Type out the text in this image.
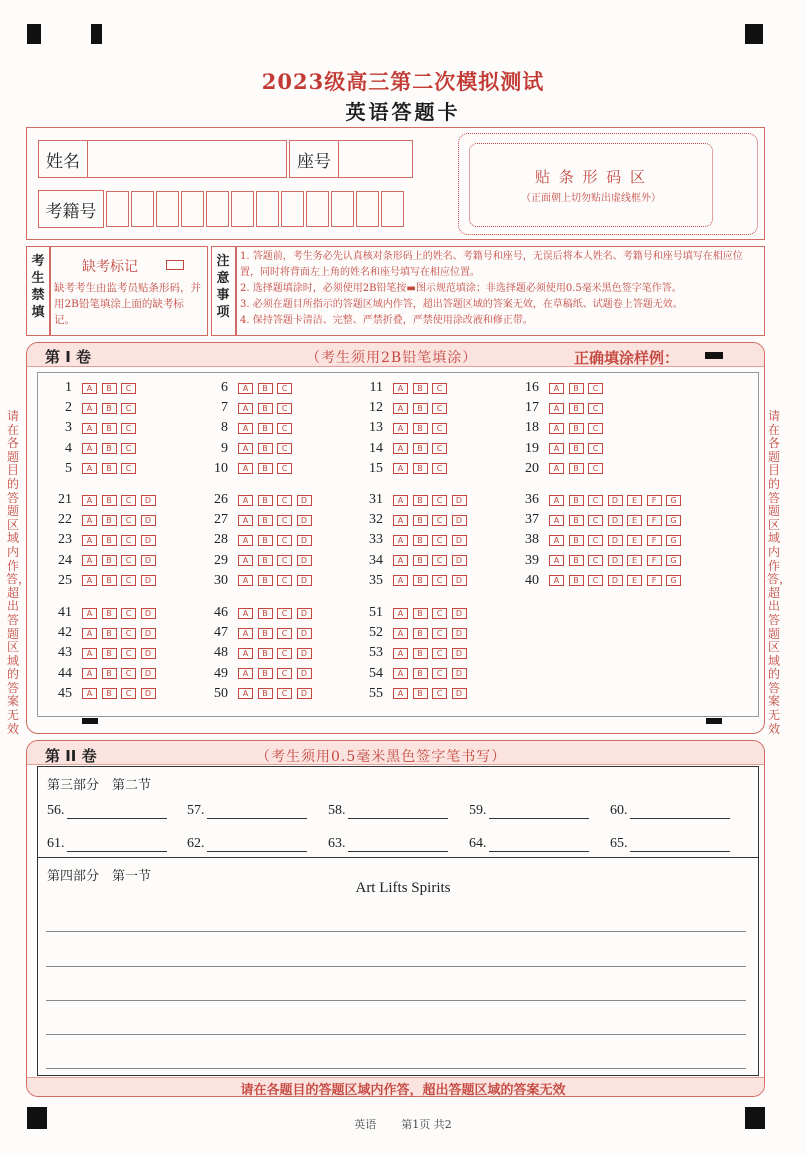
2023级高三第二次模拟测试
英语答题卡
姓名	座号
考籍号
贴 条 形 码 区
（正面朝上切勿贴出虚线框外）
考生禁填
缺考标记
缺考考生由监考员贴条形码，并用2B铅笔填涂上面的缺考标记。
注意事项
1. 答题前，考生务必先认真核对条形码上的姓名、考籍号和座号，无误后将本人姓名、考籍号和座号填写在相应位置，同时将背面左上角的姓名和座号填写在相应位置。
2. 选择题填涂时，必须使用2B铅笔按▬图示规范填涂；非选择题必须使用0.5毫米黑色签字笔作答。
3. 必须在题目所指示的答题区域内作答，超出答题区域的答案无效，在草稿纸、试题卷上答题无效。
4. 保持答题卡清洁、完整、严禁折叠，严禁使用涂改液和修正带。
第 I 卷	（考生须用2B铅笔填涂）	正确填涂样例：
1	A	B	C
2	A	B	C
3	A	B	C
4	A	B	C
5	A	B	C
6	A	B	C
7	A	B	C
8	A	B	C
9	A	B	C
10	A	B	C
11	A	B	C
12	A	B	C
13	A	B	C
14	A	B	C
15	A	B	C
16	A	B	C
17	A	B	C
18	A	B	C
19	A	B	C
20	A	B	C
21	A	B	C	D
22	A	B	C	D
23	A	B	C	D
24	A	B	C	D
25	A	B	C	D
26	A	B	C	D
27	A	B	C	D
28	A	B	C	D
29	A	B	C	D
30	A	B	C	D
31	A	B	C	D
32	A	B	C	D
33	A	B	C	D
34	A	B	C	D
35	A	B	C	D
36	A	B	C	D	E	F	G
37	A	B	C	D	E	F	G
38	A	B	C	D	E	F	G
39	A	B	C	D	E	F	G
40	A	B	C	D	E	F	G
41	A	B	C	D
42	A	B	C	D
43	A	B	C	D
44	A	B	C	D
45	A	B	C	D
46	A	B	C	D
47	A	B	C	D
48	A	B	C	D
49	A	B	C	D
50	A	B	C	D
51	A	B	C	D
52	A	B	C	D
53	A	B	C	D
54	A	B	C	D
55	A	B	C	D
请在各题目的答题区域内作答，超出答题区域的答案无效
请在各题目的答题区域内作答，超出答题区域的答案无效
第 II 卷	（考生须用0.5毫米黑色签字笔书写）
第三部分　第二节
56.	57.	58.	59.	60.
61.	62.	63.	64.	65.
第四部分　第一节
Art Lifts Spirits
请在各题目的答题区域内作答，超出答题区域的答案无效
英语 第1页 共2
